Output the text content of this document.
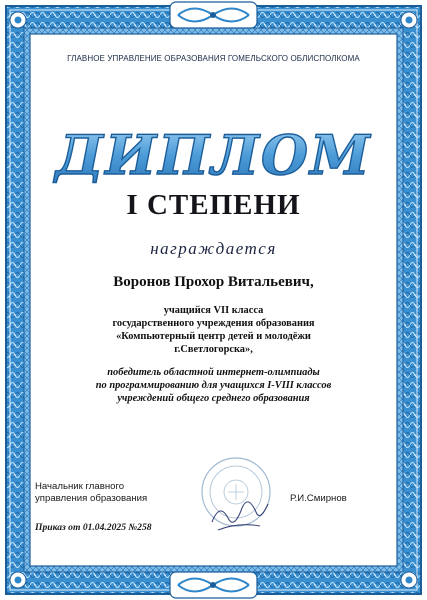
ГЛАВНОЕ УПРАВЛЕНИЕ ОБРАЗОВАНИЯ ГОМЕЛЬСКОГО ОБЛИСПОЛКОМА
ДИПЛОМ
I СТЕПЕНИ
награждается
Воронов Прохор Витальевич,
учащийся VII класса
государственного учреждения образования
«Компьютерный центр детей и молодёжи
г.Светлогорска»,
победитель областной интернет-олимпиады
по программированию для учащихся I-VIII классов
учреждений общего среднего образования
Начальник главного
управления образования	Р.И.Смирнов
Приказ от 01.04.2025 №258
